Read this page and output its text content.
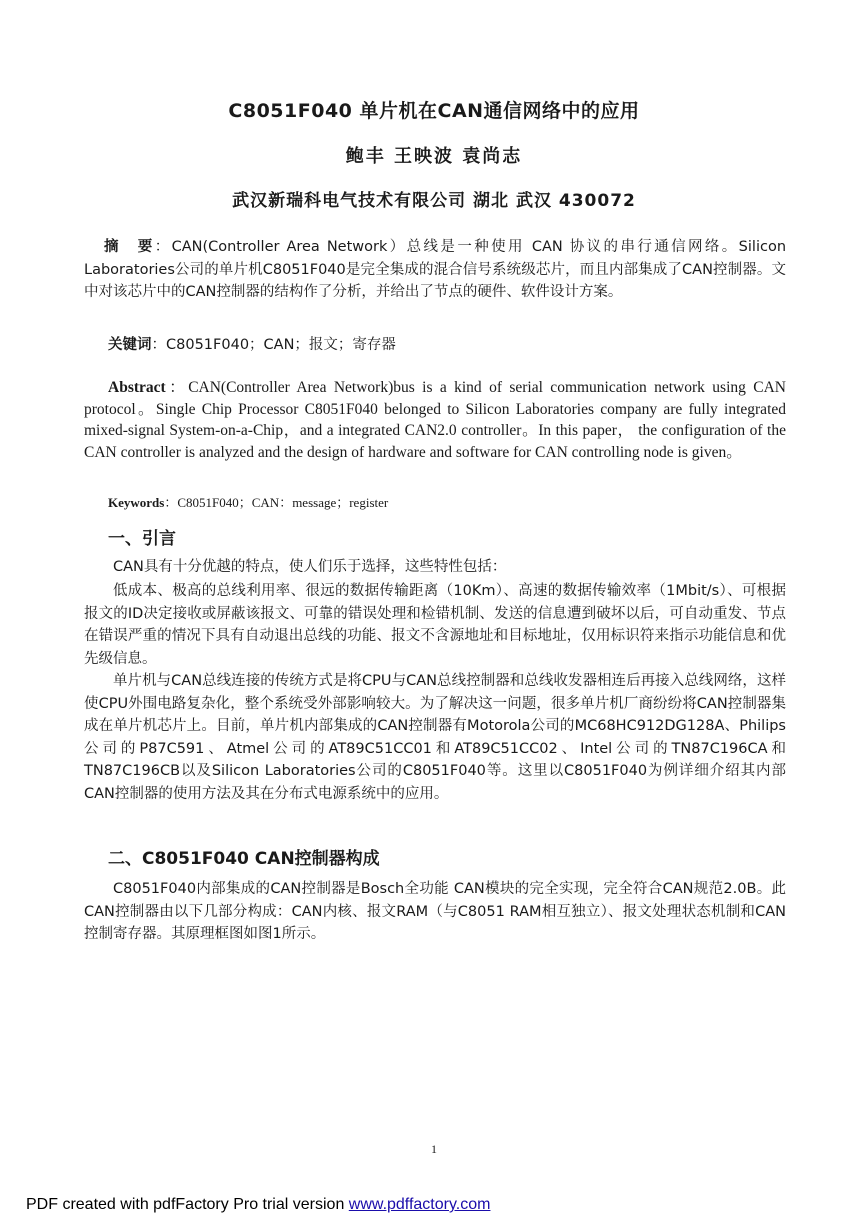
C8051F040 单片机在CAN通信网络中的应用
鲍丰 王映波 袁尚志
武汉新瑞科电气技术有限公司 湖北 武汉 430072
摘　要：CAN(Controller Area Network）总线是一种使用 CAN 协议的串行通信网络。Silicon Laboratories公司的单片机C8051F040是完全集成的混合信号系统级芯片，而且内部集成了CAN控制器。文中对该芯片中的CAN控制器的结构作了分析，并给出了节点的硬件、软件设计方案。
关键词：C8051F040；CAN；报文；寄存器
Abstract：CAN(Controller Area Network)bus is a kind of serial communication network using CAN protocol。Single Chip Processor C8051F040 belonged to Silicon Laboratories company are fully integrated mixed-signal System-on-a-Chip，and a integrated CAN2.0 controller。In this paper， the configuration of the CAN controller is analyzed and the design of hardware and software for CAN controlling node is given。
Keywords：C8051F040；CAN：message；register
一、引言
CAN具有十分优越的特点，使人们乐于选择，这些特性包括：
低成本、极高的总线利用率、很远的数据传输距离（10Km）、高速的数据传输效率（1Mbit/s）、可根据报文的ID决定接收或屏蔽该报文、可靠的错误处理和检错机制、发送的信息遭到破坏以后，可自动重发、节点在错误严重的情况下具有自动退出总线的功能、报文不含源地址和目标地址，仅用标识符来指示功能信息和优先级信息。
单片机与CAN总线连接的传统方式是将CPU与CAN总线控制器和总线收发器相连后再接入总线网络，这样使CPU外围电路复杂化，整个系统受外部影响较大。为了解决这一问题，很多单片机厂商纷纷将CAN控制器集成在单片机芯片上。目前，单片机内部集成的CAN控制器有Motorola公司的MC68HC912DG128A、Philips公司的P87C591、Atmel公司的AT89C51CC01和AT89C51CC02、Intel公司的TN87C196CA和TN87C196CB以及Silicon Laboratories公司的C8051F040等。这里以C8051F040为例详细介绍其内部CAN控制器的使用方法及其在分布式电源系统中的应用。
二、C8051F040 CAN控制器构成
C8051F040内部集成的CAN控制器是Bosch全功能 CAN模块的完全实现，完全符合CAN规范2.0B。此CAN控制器由以下几部分构成：CAN内核、报文RAM（与C8051 RAM相互独立）、报文处理状态机制和CAN控制寄存器。其原理框图如图1所示。
1
PDF created with pdfFactory Pro trial version www.pdffactory.com
